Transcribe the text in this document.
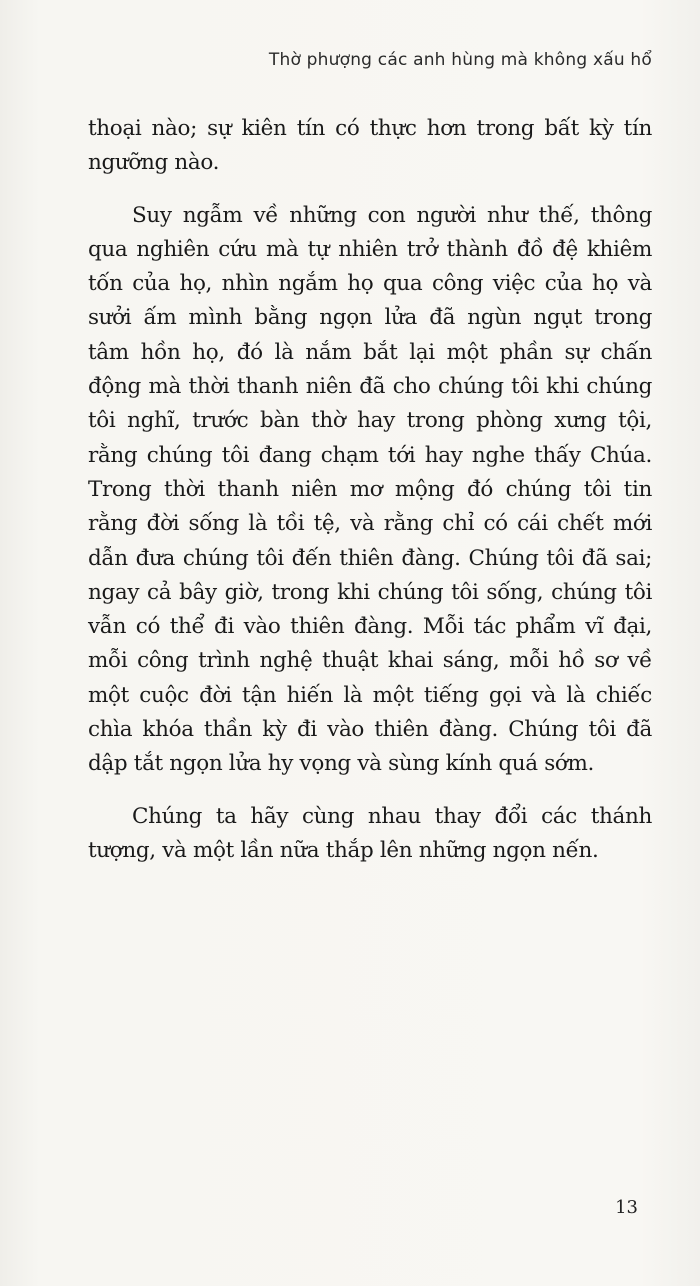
Thờ phượng các anh hùng mà không xấu hổ

thoại nào; sự kiên tín có thực hơn trong bất kỳ tín
ngưỡng nào.

Suy ngẫm về những con người như thế, thông
qua nghiên cứu mà tự nhiên trở thành đồ đệ khiêm
tốn của họ, nhìn ngắm họ qua công việc của họ và
sưởi ấm mình bằng ngọn lửa đã ngùn ngụt trong
tâm hồn họ, đó là nắm bắt lại một phần sự chấn
động mà thời thanh niên đã cho chúng tôi khi chúng
tôi nghĩ, trước bàn thờ hay trong phòng xưng tội,
rằng chúng tôi đang chạm tới hay nghe thấy Chúa.
Trong thời thanh niên mơ mộng đó chúng tôi tin
rằng đời sống là tồi tệ, và rằng chỉ có cái chết mới
dẫn đưa chúng tôi đến thiên đàng. Chúng tôi đã sai;
ngay cả bây giờ, trong khi chúng tôi sống, chúng tôi
vẫn có thể đi vào thiên đàng. Mỗi tác phẩm vĩ đại,
mỗi công trình nghệ thuật khai sáng, mỗi hồ sơ về
một cuộc đời tận hiến là một tiếng gọi và là chiếc
chìa khóa thần kỳ đi vào thiên đàng. Chúng tôi đã
dập tắt ngọn lửa hy vọng và sùng kính quá sớm.

Chúng ta hãy cùng nhau thay đổi các thánh
tượng, và một lần nữa thắp lên những ngọn nến.

13
